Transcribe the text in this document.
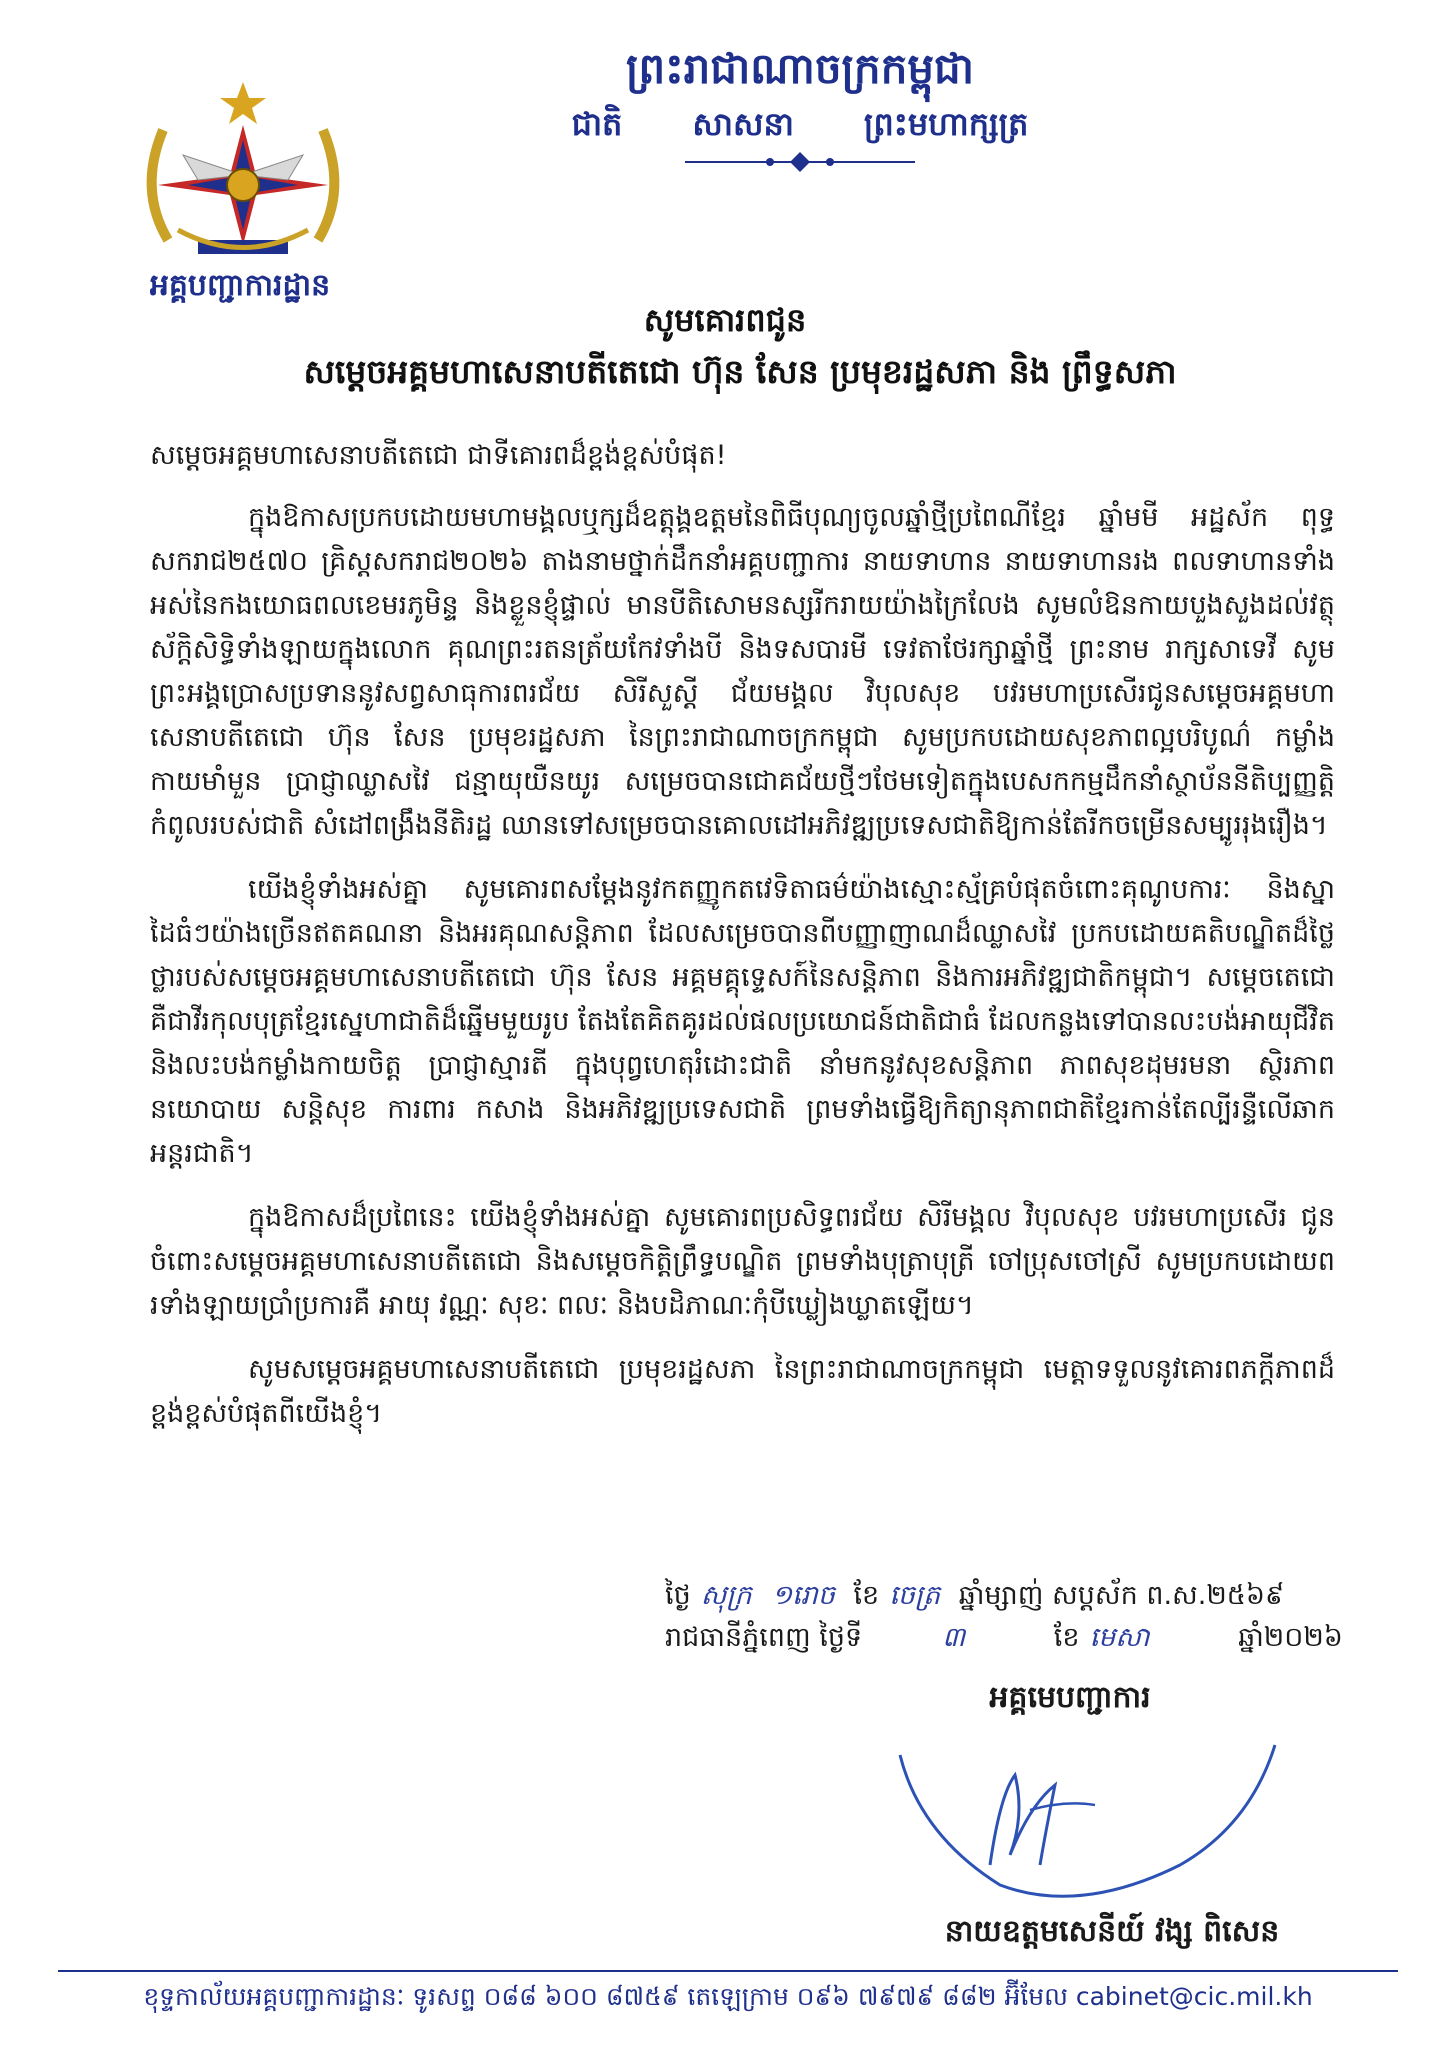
អគ្គបញ្ជាការដ្ឋាន
ព្រះរាជាណាចក្រកម្ពុជា
ជាតិ សាសនា ព្រះមហាក្សត្រ
សូមគោរពជូន
សម្តេចអគ្គមហាសេនាបតីតេជោ ហ៊ុន សែន ប្រមុខរដ្ឋសភា​ និង ព្រឹទ្ធសភា

សម្តេចអគ្គមហាសេនាបតីតេជោ ជាទីគោរពដ៏ខ្ពង់ខ្ពស់បំផុត!

ក្នុងឱកាសប្រកបដោយមហាមង្គលឬក្សដ៏ឧត្តុង្គឧត្តមនៃពិធីបុណ្យចូលឆ្នាំថ្មីប្រពៃណីខ្មែរ ឆ្នាំមមី អដ្ឋស័ក ពុទ្ធសករាជ២៥៧០ គ្រិស្តសករាជ២០២៦ តាងនាមថ្នាក់ដឹកនាំអគ្គបញ្ជាការ នាយទាហាន នាយទាហានរង ពលទាហានទាំងអស់នៃកងយោធពលខេមរភូមិន្ទ និងខ្លួនខ្ញុំផ្ទាល់ មានបីតិសោមនស្សរីករាយយ៉ាងក្រៃលែង សូមលំឱនកាយបួងសួងដល់វត្ថុស័ក្តិសិទ្ធិទាំងឡាយក្នុងលោក គុណព្រះរតនត្រ័យកែវទាំងបី និងទសបារមី ទេវតាថែរក្សាឆ្នាំថ្មី ព្រះនាម រាក្សសាទេវី សូមព្រះអង្គប្រោសប្រទាននូវសព្វសាធុការពរជ័យ សិរីសួស្តី ជ័យមង្គល វិបុលសុខ បវរមហាប្រសើរជូនសម្តេចអគ្គមហាសេនាបតីតេជោ ហ៊ុន សែន ប្រមុខរដ្ឋសភា នៃព្រះរាជាណាចក្រកម្ពុជា សូមប្រកបដោយសុខភាពល្អបរិបូណ៌ កម្លាំងកាយមាំមួន ប្រាជ្ញាឈ្លាសវៃ ជន្មាយុយឺនយូរ សម្រេចបានជោគជ័យថ្មីៗថែមទៀតក្នុងបេសកកម្មដឹកនាំស្ថាប័ននីតិប្បញ្ញត្តិកំពូលរបស់ជាតិ សំដៅពង្រឹងនីតិរដ្ឋ ឈានទៅសម្រេចបានគោលដៅអភិវឌ្ឍប្រទេសជាតិឱ្យកាន់តែរីកចម្រើនសម្បូររុងរឿង។

យើងខ្ញុំទាំងអស់គ្នា សូមគោរពសម្តែងនូវកតញ្ញូកតវេទិតាធម៌យ៉ាងស្មោះស្ម័គ្របំផុតចំពោះគុណូបការៈ និងស្នាដៃធំៗយ៉ាងច្រើនឥតគណនា និងអរគុណសន្តិភាព ដែលសម្រេចបានពីបញ្ញាញាណដ៏ឈ្លាសវៃ ប្រកបដោយគតិបណ្ឌិតដ៏ថ្លៃថ្លារបស់សម្តេចអគ្គមហាសេនាបតីតេជោ ហ៊ុន សែន អគ្គមគ្គុទ្ទេសក៍នៃសន្តិភាព និងការអភិវឌ្ឍជាតិកម្ពុជា។ សម្តេចតេជោគឺជាវីរកុលបុត្រខ្មែរស្នេហាជាតិដ៏ឆ្នើមមួយរូប តែងតែគិតគូរដល់ផលប្រយោជន៍ជាតិជាធំ ដែលកន្លងទៅបានលះបង់អាយុជីវិត និងលះបង់កម្លាំងកាយចិត្ត ប្រាជ្ញាស្មារតី ក្នុងបុព្វហេតុរំដោះជាតិ នាំមកនូវសុខសន្តិភាព ភាពសុខដុមរមនា ស្ថិរភាពនយោបាយ សន្តិសុខ ការពារ កសាង និងអភិវឌ្ឍប្រទេសជាតិ ព្រមទាំងធ្វើឱ្យកិត្យានុភាពជាតិខ្មែរកាន់តែល្បីរន្ទឺលើឆាកអន្តរជាតិ។

ក្នុងឱកាសដ៏ប្រពៃនេះ យើងខ្ញុំទាំងអស់គ្នា សូមគោរពប្រសិទ្ធពរជ័យ សិរីមង្គល វិបុលសុខ បវរមហាប្រសើរ ជូនចំពោះសម្តេចអគ្គមហាសេនាបតីតេជោ និងសម្តេចកិត្តិព្រឹទ្ធបណ្ឌិត ព្រមទាំងបុត្រាបុត្រី ចៅប្រុសចៅស្រី សូមប្រកបដោយពរទាំងឡាយប្រាំប្រការគឺ អាយុ វណ្ណៈ សុខៈ ពលៈ និងបដិភាណៈកុំបីឃ្លៀងឃ្លាតឡើយ។

សូមសម្តេចអគ្គមហាសេនាបតីតេជោ ប្រមុខរដ្ឋសភា នៃព្រះរាជាណាចក្រកម្ពុជា មេត្តាទទួលនូវគោរពភក្តីភាពដ៏ខ្ពង់ខ្ពស់បំផុតពីយើងខ្ញុំ។

ថ្ងៃ សុក្រ ១រោច ខែ ចេត្រ ឆ្នាំម្សាញ់ សប្តស័ក ព.ស.២៥៦៩
រាជធានីភ្នំពេញ ថ្ងៃទី	៣	ខែ មេសា	ឆ្នាំ២០២៦
អគ្គមេបញ្ជាការ
នាយឧត្តមសេនីយ៍ វង្ស ពិសេន
ខុទ្ទកាល័យអគ្គបញ្ជាការដ្ឋានៈ ទូរសព្ទ ០៨៨ ៦០០ ៨៧៥៩ តេឡេក្រាម ០៩៦ ៧៩៧៩ ៨៨២ អ៊ីមែល cabinet@cic.mil.kh
